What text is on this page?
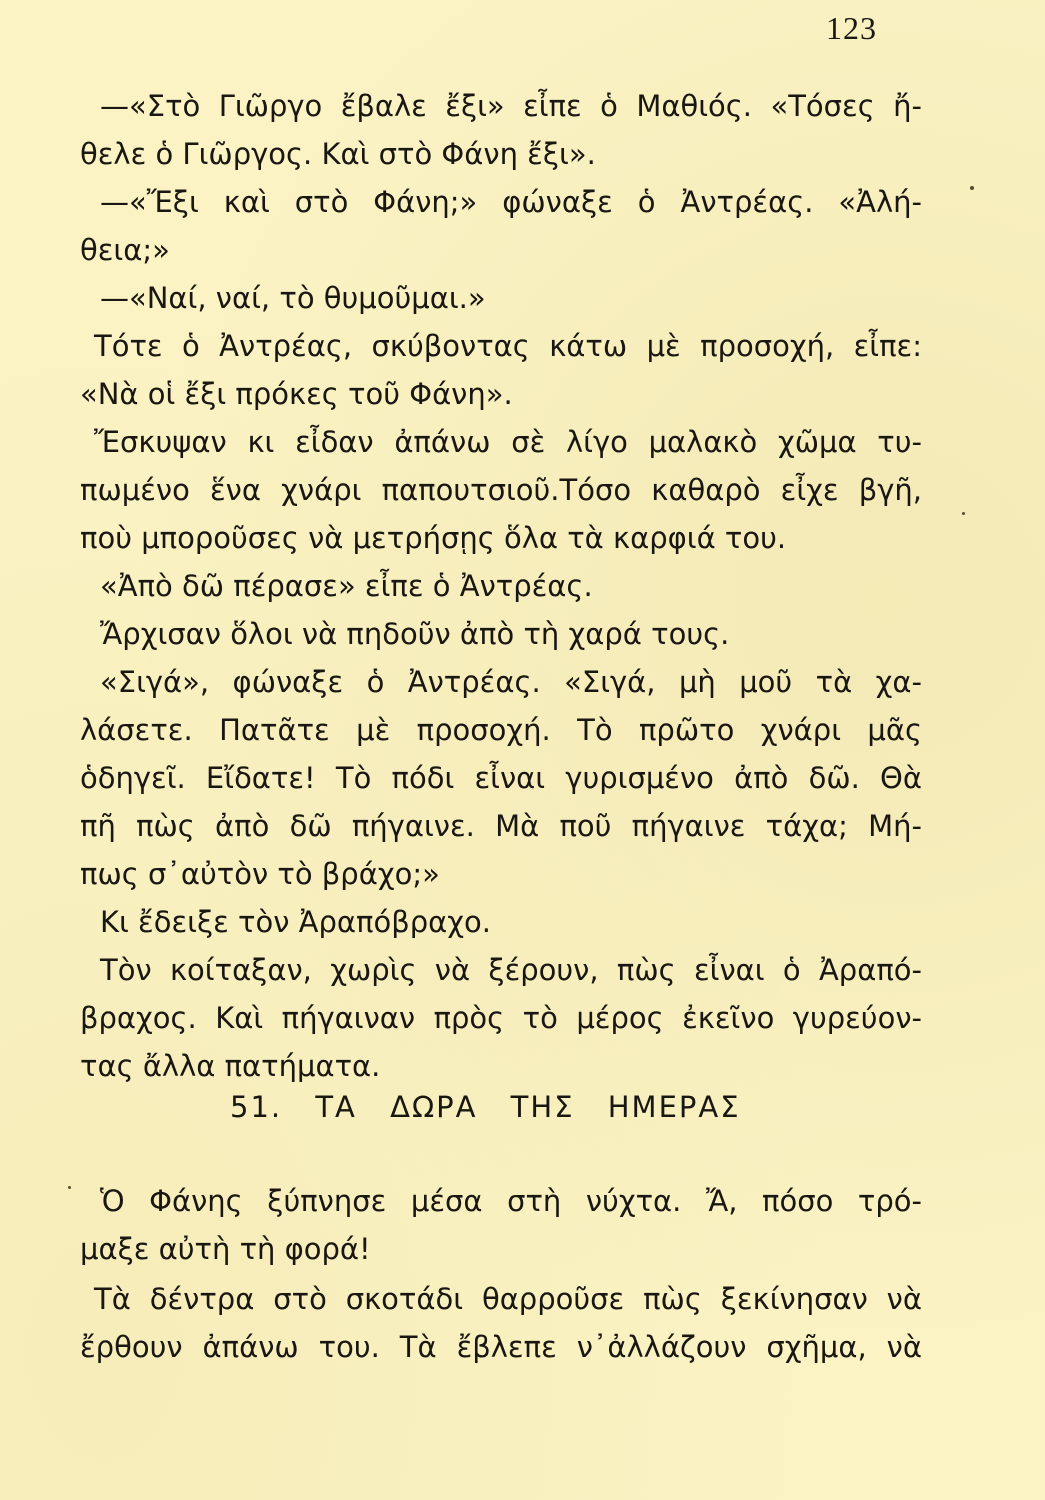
123
—«Στὸ Γιῶργο ἔβαλε ἔξι» εἶπε ὁ Μαθιός. «Τόσες ἤ-
θελε ὁ Γιῶργος. Καὶ στὸ Φάνη ἔξι».
—«Ἔξι καὶ στὸ Φάνη;» φώναξε ὁ Ἀντρέας. «Ἀλή-
θεια;»
—«Ναί, ναί, τὸ θυμοῦμαι.»
Τότε ὁ Ἀντρέας, σκύβοντας κάτω μὲ προσοχή, εἶπε:
«Νὰ οἱ ἔξι πρόκες τοῦ Φάνη».
Ἔσκυψαν κι εἶδαν ἀπάνω σὲ λίγο μαλακὸ χῶμα τυ-
πωμένο ἕνα χνάρι παπουτσιοῦ.Τόσο καθαρὸ εἶχε βγῆ,
ποὺ μποροῦσες νὰ μετρήσῃς ὅλα τὰ καρφιά του.
«Ἀπὸ δῶ πέρασε» εἶπε ὁ Ἀντρέας.
Ἄρχισαν ὅλοι νὰ πηδοῦν ἀπὸ τὴ χαρά τους.
«Σιγά», φώναξε ὁ Ἀντρέας. «Σιγά, μὴ μοῦ τὰ χα-
λάσετε. Πατᾶτε μὲ προσοχή. Τὸ πρῶτο χνάρι μᾶς
ὁδηγεῖ. Εἴδατε! Τὸ πόδι εἶναι γυρισμένο ἀπὸ δῶ. Θὰ
πῆ πὼς ἀπὸ δῶ πήγαινε. Μὰ ποῦ πήγαινε τάχα; Μή-
πως σ᾿αὐτὸν τὸ βράχο;»
Κι ἔδειξε τὸν Ἀραπόβραχο.
Τὸν κοίταξαν, χωρὶς νὰ ξέρουν, πὼς εἶναι ὁ Ἀραπό-
βραχος. Καὶ πήγαιναν πρὸς τὸ μέρος ἐκεῖνο γυρεύον-
τας ἄλλα πατήματα.
51. ΤΑ ΔΩΡΑ ΤΗΣ ΗΜΕΡΑΣ
Ὁ Φάνης ξύπνησε μέσα στὴ νύχτα. Ἄ, πόσο τρό-
μαξε αὐτὴ τὴ φορά!
Τὰ δέντρα στὸ σκοτάδι θαρροῦσε πὼς ξεκίνησαν νὰ
ἔρθουν ἀπάνω του. Τὰ ἔβλεπε ν᾿ἀλλάζουν σχῆμα, νὰ
